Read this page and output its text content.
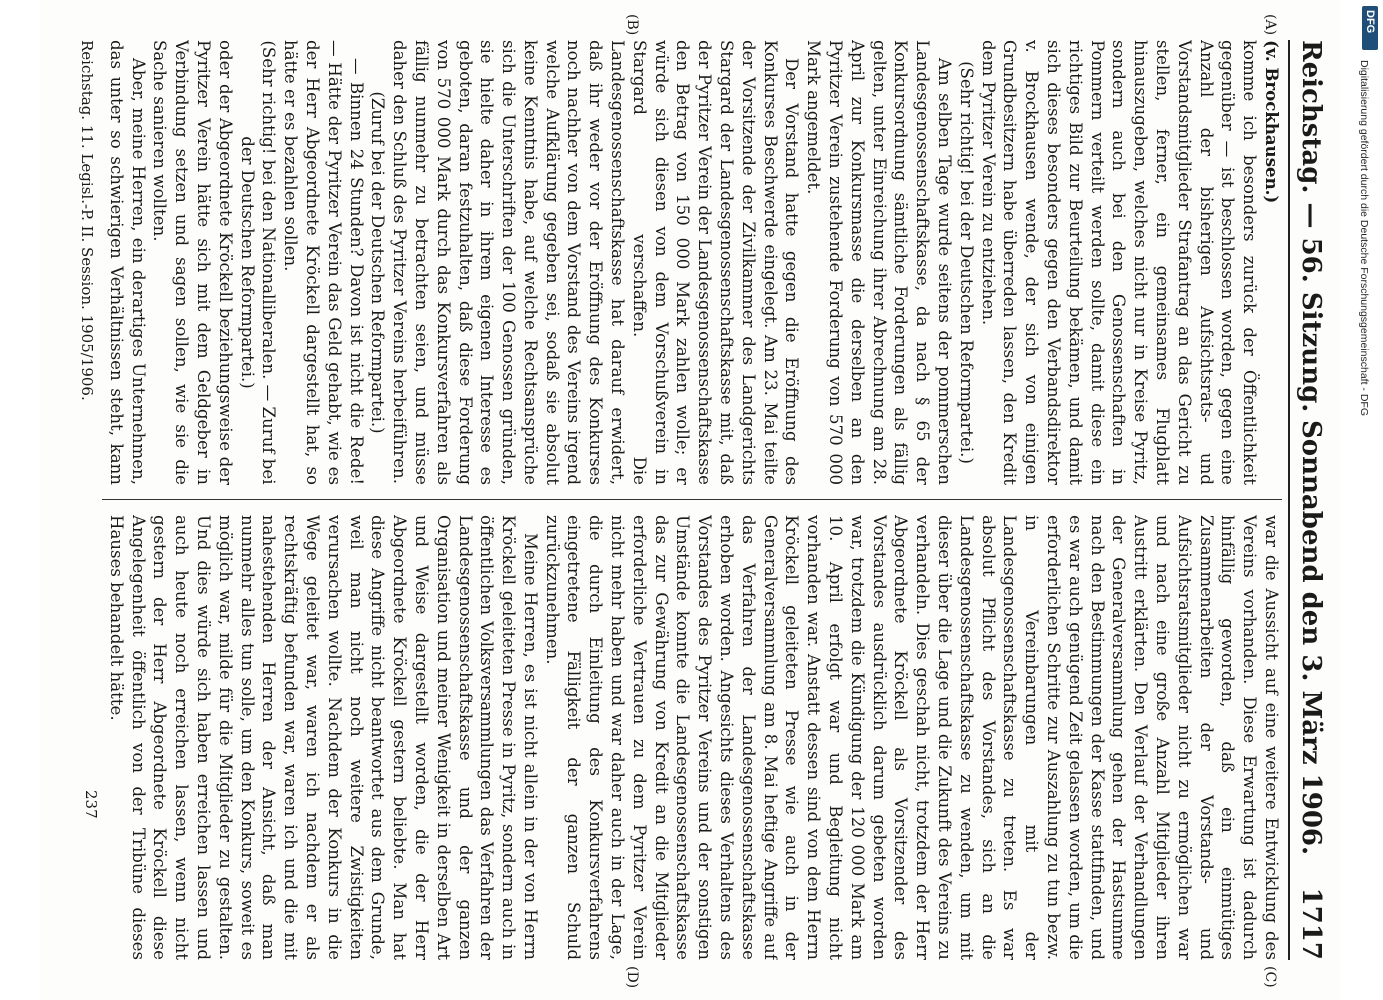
Reichstag. — 56. Sitzung.
Sonnabend den 3. März 1906.
1717
(A)
(B)
(C)
(D)

(v. Brockhausen.)

komme ich besonders zurück der Öffentlichkeit gegenüber — ist beschlossen worden, gegen eine Anzahl der bisherigen Aufsichtsrats- und Vorstandsmitglieder Strafantrag an das Gericht zu stellen, ferner, ein gemeinsames Flugblatt hinauszugeben, welches nicht nur in Kreise Pyritz, sondern auch bei den Genossenschaften in Pommern verteilt werden sollte, damit diese ein richtiges Bild zur Beurteilung bekämen, und damit sich dieses besonders gegen den Verbandsdirektor v. Brockhausen wende, der sich von einigen Grundbesitzern habe überreden lassen, den Kredit dem Pyritzer Verein zu entziehen.

(Sehr richtig! bei der Deutschen Reformpartei.)

Am selben Tage wurde seitens der pommerschen Landesgenossenschaftskasse, da nach § 65 der Konkursordnung sämtliche Forderungen als fällig gelten, unter Einreichung ihrer Abrechnung am 28. April zur Konkursmasse die derselben an den Pyritzer Verein zustehende Forderung von 570 000 Mark angemeldet.

Der Vorstand hatte gegen die Eröffnung des Konkurses Beschwerde eingelegt. Am 23. Mai teilte der Vorsitzende der Zivilkammer des Landgerichts Stargard der Landesgenossenschaftskasse mit, daß der Pyritzer Verein der Landesgenossenschaftskasse den Betrag von 150 000 Mark zahlen wolle; er würde sich diesen von dem Vorschußverein in Stargard verschaffen. Die Landesgenossenschaftskasse hat darauf erwidert, daß ihr weder vor der Eröffnung des Konkurses noch nachher von dem Vorstand des Vereins irgend welche Aufklärung gegeben sei, sodaß sie absolut keine Kenntnis habe, auf welche Rechtsansprüche sich die Unterschriften der 100 Genossen gründen, sie hielte daher in ihrem eigenen Interesse es geboten, daran festzuhalten, daß diese Forderung von 570 000 Mark durch das Konkursverfahren als fällig nunmehr zu betrachten seien, und müsse daher den Schluß des Pyritzer Vereins herbeiführen.

(Zuruf bei der Deutschen Reformpartei.)

— Binnen 24 Stunden? Davon ist nicht die Rede! — Hätte der Pyritzer Verein das Geld gehabt, wie es der Herr Abgeordnete Kröckell dargestellt hat, so hätte er es bezahlen sollen.

(Sehr richtig! bei den Nationalliberalen. — Zuruf bei der Deutschen Reformpartei.)

oder der Abgeordnete Kröckell beziehungsweise der Pyritzer Verein hätte sich mit dem Geldgeber in Verbindung setzen und sagen sollen, wie sie die Sache sanieren wollten.

Aber, meine Herren, ein derartiges Unternehmen, das unter so schwierigen Verhältnissen steht, kann

war die Aussicht auf eine weitere Entwicklung des Vereins vorhanden. Diese Erwartung ist dadurch hinfällig geworden, daß ein einmütiges Zusammenarbeiten der Vorstands- und Aufsichtsratsmitglieder nicht zu ermöglichen war und nach eine große Anzahl Mitglieder ihren Austritt erklärten. Den Verlauf der Verhandlungen der Generalversammlung gehen der Hastsumme nach den Bestimmungen der Kasse stattfinden, und es war auch genügend Zeit gelassen worden, um die erforderlichen Schritte zur Auszahlung zu tun bezw. in Vereinbarungen mit der Landesgenossenschaftskasse zu treten. Es war absolut Pflicht des Vorstandes, sich an die Landesgenossenschaftskasse zu wenden, um mit dieser über die Lage und die Zukunft des Vereins zu verhandeln. Dies geschah nicht, trotzdem der Herr Abgeordnete Kröckell als Vorsitzender des Vorstandes ausdrücklich darum gebeten worden war, trotzdem die Kündigung der 120 000 Mark am 10. April erfolgt war und Begleitung nicht vorhanden war. Anstatt dessen sind von dem Herrn Kröckell geleiteten Presse wie auch in der Generalversammlung am 8. Mai heftige Angriffe auf das Verfahren der Landesgenossenschaftskasse erhoben worden. Angesichts dieses Verhaltens des Vorstandes des Pyritzer Vereins und der sonstigen Umstände konnte die Landesgenossenschaftskasse das zur Gewährung von Kredit an die Mitglieder erforderliche Vertrauen zu dem Pyritzer Verein nicht mehr haben und war daher auch in der Lage, die durch Einleitung des Konkursverfahrens eingetretene Fälligkeit der ganzen Schuld zurückzunehmen.

Meine Herren, es ist nicht allein in der von Herrn Kröckell geleiteten Presse in Pyritz, sondern auch in öffentlichen Volksversammlungen das Verfahren der Landesgenossenschaftskasse und der ganzen Organisation und meiner Wenigkeit in derselben Art und Weise dargestellt worden, die der Herr Abgeordnete Kröckell gestern beliebte. Man hat diese Angriffe nicht beantwortet aus dem Grunde, weil man nicht noch weitere Zwistigkeiten verursachen wollte. Nachdem der Konkurs in die Wege geleitet war, waren ich nachdem er als rechtskräftig befunden war, waren ich und die mit nahestehenden Herren der Ansicht, daß man nunmehr alles tun solle, um den Konkurs, soweit es möglich war, milde für die Mitglieder zu gestalten. Und dies würde sich haben erreichen lassen und auch heute noch erreichen lassen, wenn nicht gestern der Herr Abgeordnete Kröckell diese Angelegenheit öffentlich von der Tribüne dieses Hauses behandelt hätte.

Reichstag. 11. Legisl.-P. II. Session. 1905/1906.
237
DFG
Digitalisierung gefördert durch die Deutsche Forschungsgemeinschaft - DFG
